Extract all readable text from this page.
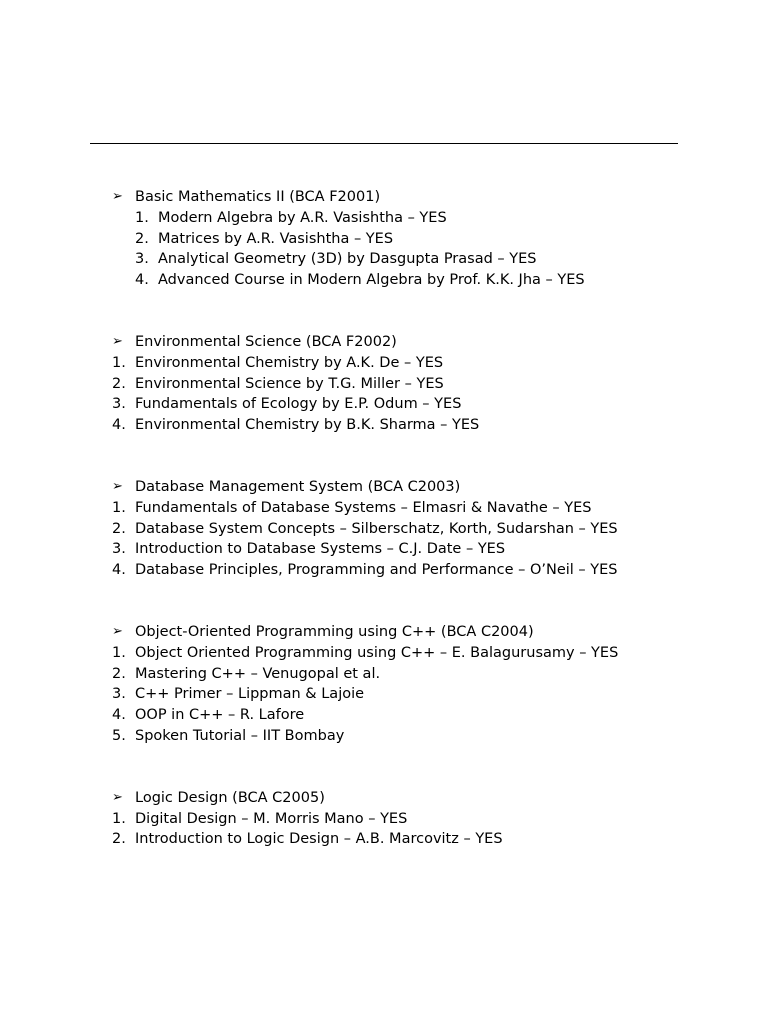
➢ Basic Mathematics II (BCA F2001)
1. Modern Algebra by A.R. Vasishtha – YES
2. Matrices by A.R. Vasishtha – YES
3. Analytical Geometry (3D) by Dasgupta Prasad – YES
4. Advanced Course in Modern Algebra by Prof. K.K. Jha – YES
➢ Environmental Science (BCA F2002)
1. Environmental Chemistry by A.K. De – YES
2. Environmental Science by T.G. Miller – YES
3. Fundamentals of Ecology by E.P. Odum – YES
4. Environmental Chemistry by B.K. Sharma – YES
➢ Database Management System (BCA C2003)
1. Fundamentals of Database Systems – Elmasri & Navathe – YES
2. Database System Concepts – Silberschatz, Korth, Sudarshan – YES
3. Introduction to Database Systems – C.J. Date – YES
4. Database Principles, Programming and Performance – O’Neil – YES
➢ Object-Oriented Programming using C++ (BCA C2004)
1. Object Oriented Programming using C++ – E. Balagurusamy – YES
2. Mastering C++ – Venugopal et al.
3. C++ Primer – Lippman & Lajoie
4. OOP in C++ – R. Lafore
5. Spoken Tutorial – IIT Bombay
➢ Logic Design (BCA C2005)
1. Digital Design – M. Morris Mano – YES
2. Introduction to Logic Design – A.B. Marcovitz – YES
